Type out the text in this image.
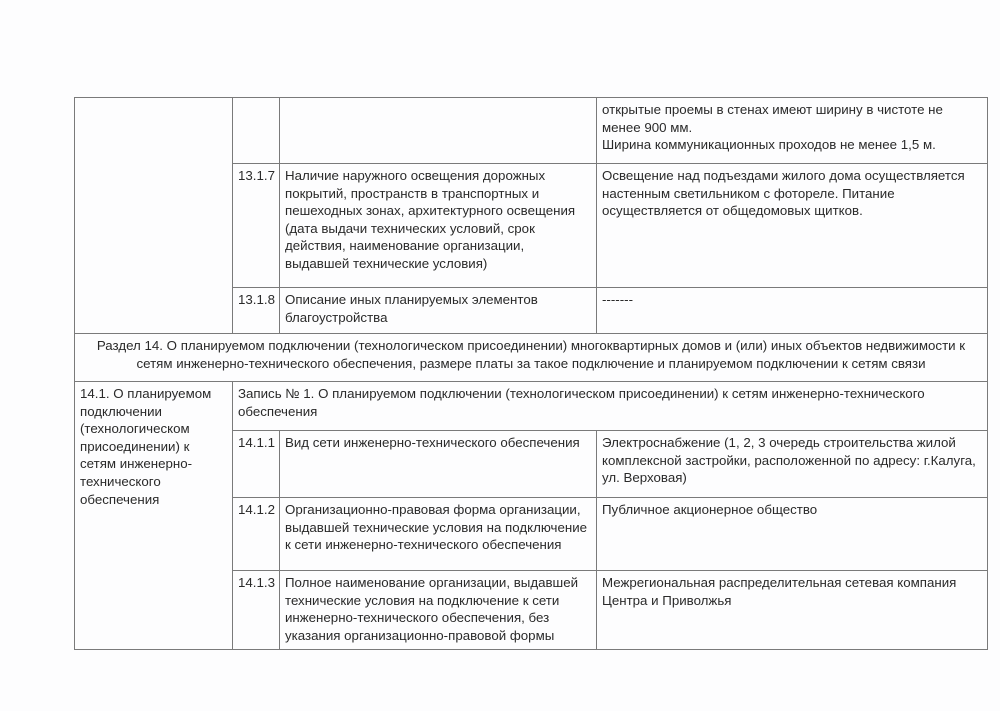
			открытые проемы в стенах имеют ширину в чистоте не менее 900 мм.
Ширина коммуникационных проходов не менее 1,5 м.

	13.1.7	Наличие наружного освещения дорожных покрытий, пространств в транспортных и пешеходных зонах, архитектурного освещения (дата выдачи технических условий, срок действия, наименование организации, выдавшей технические условия)	Освещение над подъездами жилого дома осуществляется настенным светильником с фотореле. Питание осуществляется от общедомовых щитков.
	13.1.8	Описание иных планируемых элементов благоустройства	-------
Раздел 14. О планируемом подключении (технологическом присоединении) многоквартирных домов и (или) иных объектов недвижимости к сетям инженерно-технического обеспечения, размере платы за такое подключение и планируемом подключении к сетям связи			
14.1. О планируемом подключении (технологическом присоединении) к сетям инженерно-технического обеспечения	Запись № 1. О планируемом подключении (технологическом присоединении) к сетям инженерно-технического обеспечения		
	14.1.1	Вид сети инженерно-технического обеспечения	Электроснабжение (1, 2, 3 очередь строительства жилой комплексной застройки, расположенной по адресу: г.Калуга, ул. Верховая)
	14.1.2	Организационно-правовая форма организации, выдавшей технические условия на подключение к сети инженерно-технического обеспечения	Публичное акционерное общество
	14.1.3	Полное наименование организации, выдавшей технические условия на подключение к сети инженерно-технического обеспечения, без указания организационно-правовой формы	Межрегиональная распределительная сетевая компания Центра и Приволжья
